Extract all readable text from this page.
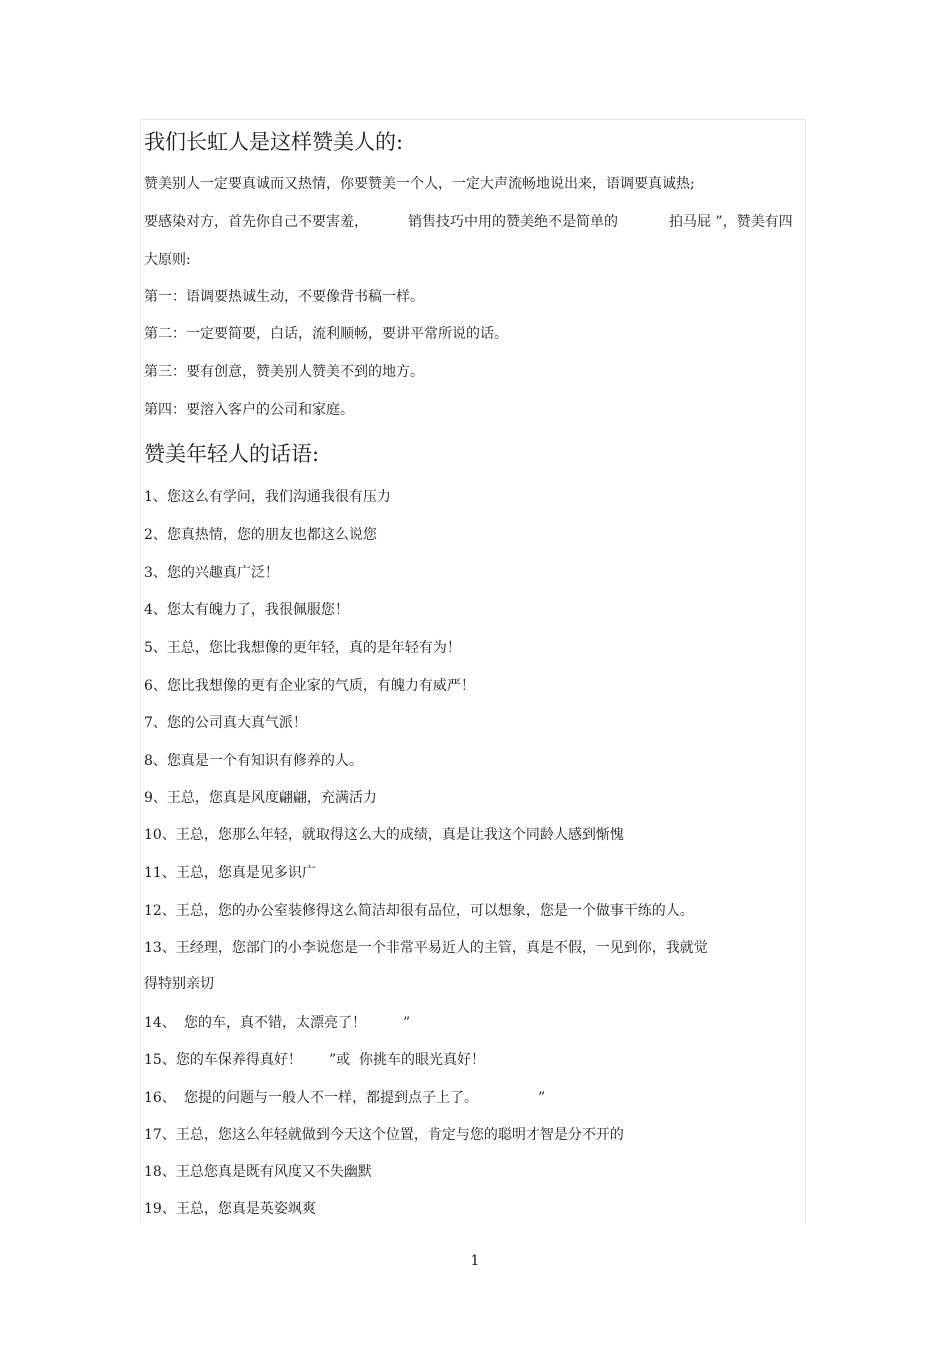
我们长虹人是这样赞美人的:
赞美别人一定要真诚而又热情，你要赞美一个人，一定大声流畅地说出来，语调要真诚热;
要感染对方，首先你自己不要害羞，	销售技巧中用的赞美绝不是简单的	拍马屁 ”，赞美有四
大原则:
第一：语调要热诚生动，不要像背书稿一样。
第二：一定要简要，白话，流利顺畅，要讲平常所说的话。
第三：要有创意，赞美别人赞美不到的地方。
第四：要溶入客户的公司和家庭。
赞美年轻人的话语:
1、您这么有学问，我们沟通我很有压力
2、您真热情，您的朋友也都这么说您
3、您的兴趣真广泛！
4、您太有魄力了，我很佩服您！
5、王总，您比我想像的更年轻，真的是年轻有为！
6、您比我想像的更有企业家的气质，有魄力有威严！
7、您的公司真大真气派！
8、您真是一个有知识有修养的人。
9、王总，您真是风度翩翩，充满活力
10、王总，您那么年轻，就取得这么大的成绩，真是让我这个同龄人感到惭愧
11、王总，您真是见多识广
12、王总，您的办公室装修得这么简洁却很有品位，可以想象，您是一个做事干练的人。
13、王经理，您部门的小李说您是一个非常平易近人的主管，真是不假，一见到你，我就觉
得特别亲切
14、 您的车，真不错，太漂亮了！	”
15、您的车保养得真好！ ”或 你挑车的眼光真好！
16、 您提的问题与一般人不一样，都提到点子上了。	”
17、王总，您这么年轻就做到今天这个位置，肯定与您的聪明才智是分不开的
18、王总您真是既有风度又不失幽默
19、王总，您真是英姿飒爽
1
